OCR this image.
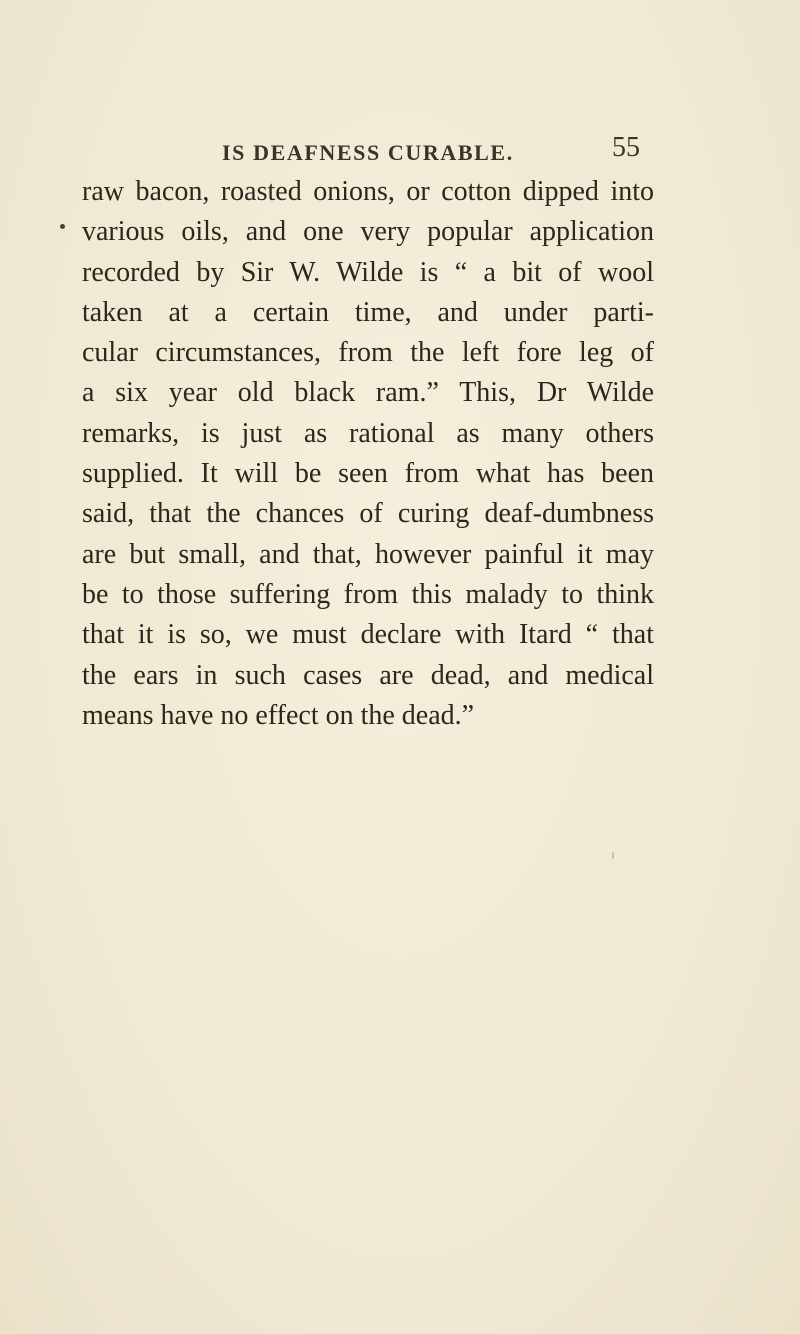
IS DEAFNESS CURABLE.	55
raw bacon, roasted onions, or cotton dipped into
various oils, and one very popular application
recorded by Sir W. Wilde is “ a bit of wool
taken at a certain time, and under parti-
cular circumstances, from the left fore leg of
a six year old black ram.” This, Dr Wilde
remarks, is just as rational as many others
supplied. It will be seen from what has been
said, that the chances of curing deaf-dumbness
are but small, and that, however painful it may
be to those suffering from this malady to think
that it is so, we must declare with Itard “ that
the ears in such cases are dead, and medical
means have no effect on the dead.”
